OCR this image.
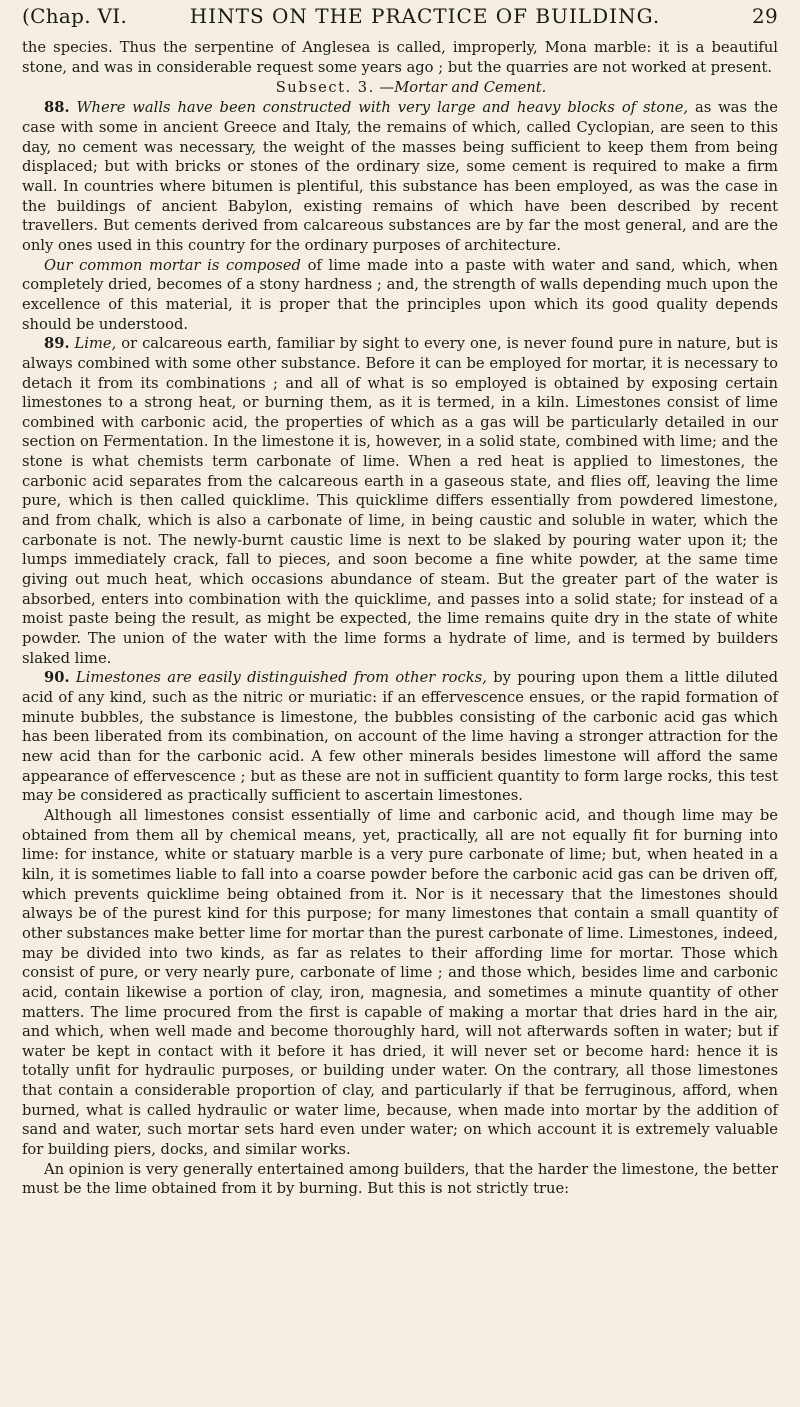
(Chap. VI.	HINTS ON THE PRACTICE OF BUILDING.	29

the species. Thus the serpentine of Anglesea is called, improperly, Mona marble: it is a beautiful stone, and was in considerable request some years ago ; but the quarries are not worked at present.

Subsect. 3. —Mortar and Cement.

88. Where walls have been constructed with very large and heavy blocks of stone, as was the case with some in ancient Greece and Italy, the remains of which, called Cyclopian, are seen to this day, no cement was necessary, the weight of the masses being sufficient to keep them from being displaced; but with bricks or stones of the ordinary size, some cement is required to make a firm wall. In countries where bitumen is plentiful, this substance has been employed, as was the case in the buildings of ancient Babylon, existing remains of which have been described by recent travellers. But cements derived from calcareous substances are by far the most general, and are the only ones used in this country for the ordinary purposes of architecture.

Our common mortar is composed of lime made into a paste with water and sand, which, when completely dried, becomes of a stony hardness ; and, the strength of walls depending much upon the excellence of this material, it is proper that the principles upon which its good quality depends should be understood.

89. Lime, or calcareous earth, familiar by sight to every one, is never found pure in nature, but is always combined with some other substance. Before it can be employed for mortar, it is necessary to detach it from its combinations ; and all of what is so employed is obtained by exposing certain limestones to a strong heat, or burning them, as it is termed, in a kiln. Limestones consist of lime combined with carbonic acid, the properties of which as a gas will be particularly detailed in our section on Fermentation. In the limestone it is, however, in a solid state, combined with lime; and the stone is what chemists term carbonate of lime. When a red heat is applied to limestones, the carbonic acid separates from the calcareous earth in a gaseous state, and flies off, leaving the lime pure, which is then called quicklime. This quicklime differs essentially from powdered limestone, and from chalk, which is also a carbonate of lime, in being caustic and soluble in water, which the carbonate is not. The newly-burnt caustic lime is next to be slaked by pouring water upon it; the lumps immediately crack, fall to pieces, and soon become a fine white powder, at the same time giving out much heat, which occasions abundance of steam. But the greater part of the water is absorbed, enters into combination with the quicklime, and passes into a solid state; for instead of a moist paste being the result, as might be expected, the lime remains quite dry in the state of white powder. The union of the water with the lime forms a hydrate of lime, and is termed by builders slaked lime.

90. Limestones are easily distinguished from other rocks, by pouring upon them a little diluted acid of any kind, such as the nitric or muriatic: if an effervescence ensues, or the rapid formation of minute bubbles, the substance is limestone, the bubbles consisting of the carbonic acid gas which has been liberated from its combination, on account of the lime having a stronger attraction for the new acid than for the carbonic acid. A few other minerals besides limestone will afford the same appearance of effervescence ; but as these are not in sufficient quantity to form large rocks, this test may be considered as practically sufficient to ascertain limestones.

Although all limestones consist essentially of lime and carbonic acid, and though lime may be obtained from them all by chemical means, yet, practically, all are not equally fit for burning into lime: for instance, white or statuary marble is a very pure carbonate of lime; but, when heated in a kiln, it is sometimes liable to fall into a coarse powder before the carbonic acid gas can be driven off, which prevents quicklime being obtained from it. Nor is it necessary that the limestones should always be of the purest kind for this purpose; for many limestones that contain a small quantity of other substances make better lime for mortar than the purest carbonate of lime. Limestones, indeed, may be divided into two kinds, as far as relates to their affording lime for mortar. Those which consist of pure, or very nearly pure, carbonate of lime ; and those which, besides lime and carbonic acid, contain likewise a portion of clay, iron, magnesia, and sometimes a minute quantity of other matters. The lime procured from the first is capable of making a mortar that dries hard in the air, and which, when well made and become thoroughly hard, will not afterwards soften in water; but if water be kept in contact with it before it has dried, it will never set or become hard: hence it is totally unfit for hydraulic purposes, or building under water. On the contrary, all those limestones that contain a considerable proportion of clay, and particularly if that be ferruginous, afford, when burned, what is called hydraulic or water lime, because, when made into mortar by the addition of sand and water, such mortar sets hard even under water; on which account it is extremely valuable for building piers, docks, and similar works.

An opinion is very generally entertained among builders, that the harder the limestone, the better must be the lime obtained from it by burning. But this is not strictly true:
